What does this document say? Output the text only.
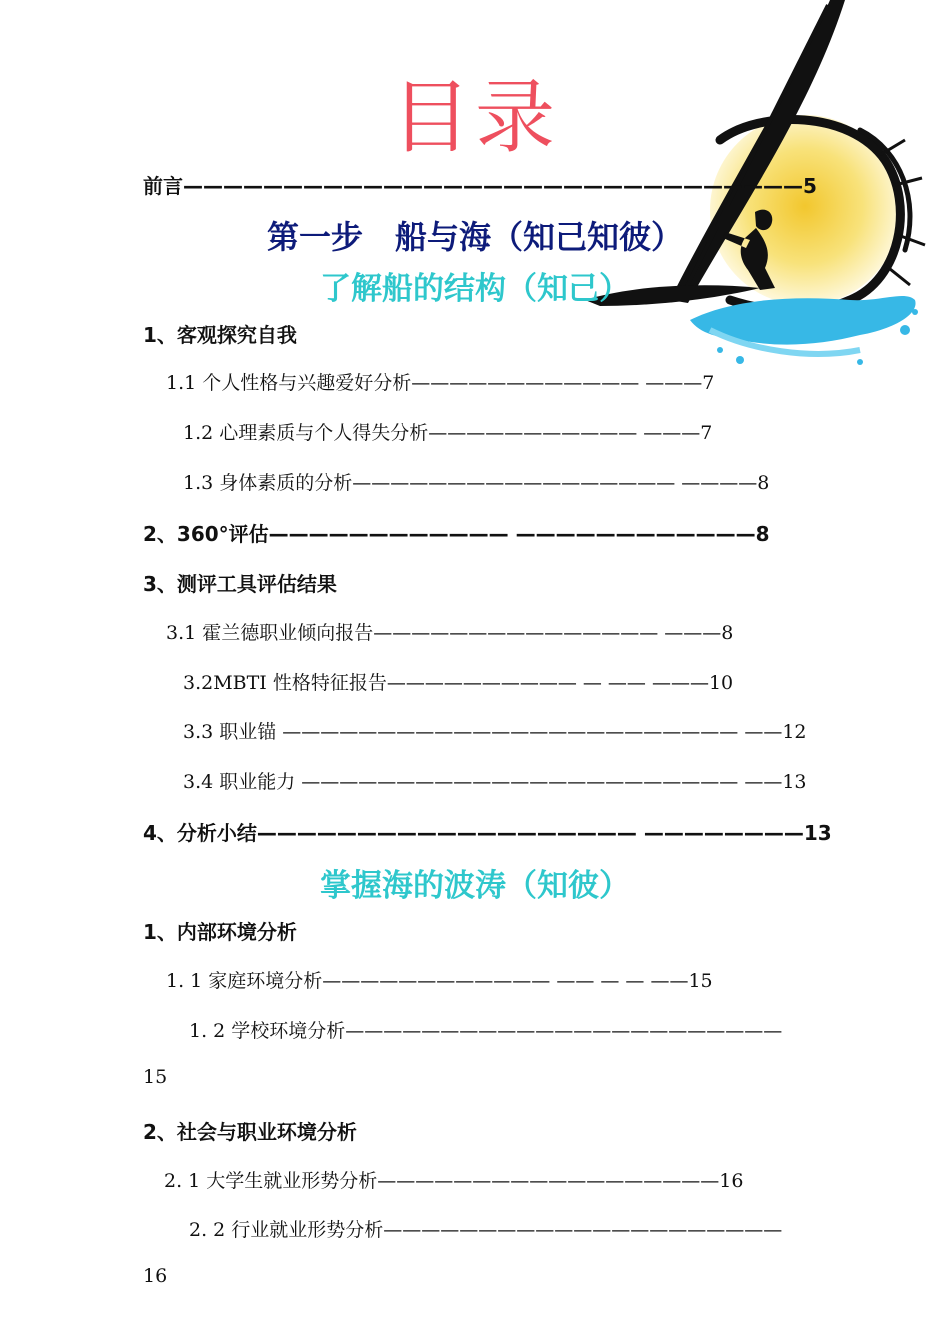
目录
前言———————————————————————————————5
第一步　船与海（知己知彼）
了解船的结构（知己）
1、客观探究自我
1.1 个人性格与兴趣爱好分析———————————— ———7
1.2 心理素质与个人得失分析——————————— ———7
1.3 身体素质的分析————————————————— ————8
2、360°评估———————————— ————————————8
3、测评工具评估结果
3.1 霍兰德职业倾向报告——————————————— ———8
3.2MBTI 性格特征报告—————————— — —— ———10
3.3 职业锚 ———————————————————————— ——12
3.4 职业能力 ——————————————————————— ——13
4、分析小结——————————————————— ————————13
掌握海的波涛（知彼）
1、内部环境分析
1. 1 家庭环境分析———————————— —— — — ——15
1. 2 学校环境分析———————————————————————
15
2、社会与职业环境分析
2. 1 大学生就业形势分析——————————————————16
2. 2 行业就业形势分析—————————————————————
16
